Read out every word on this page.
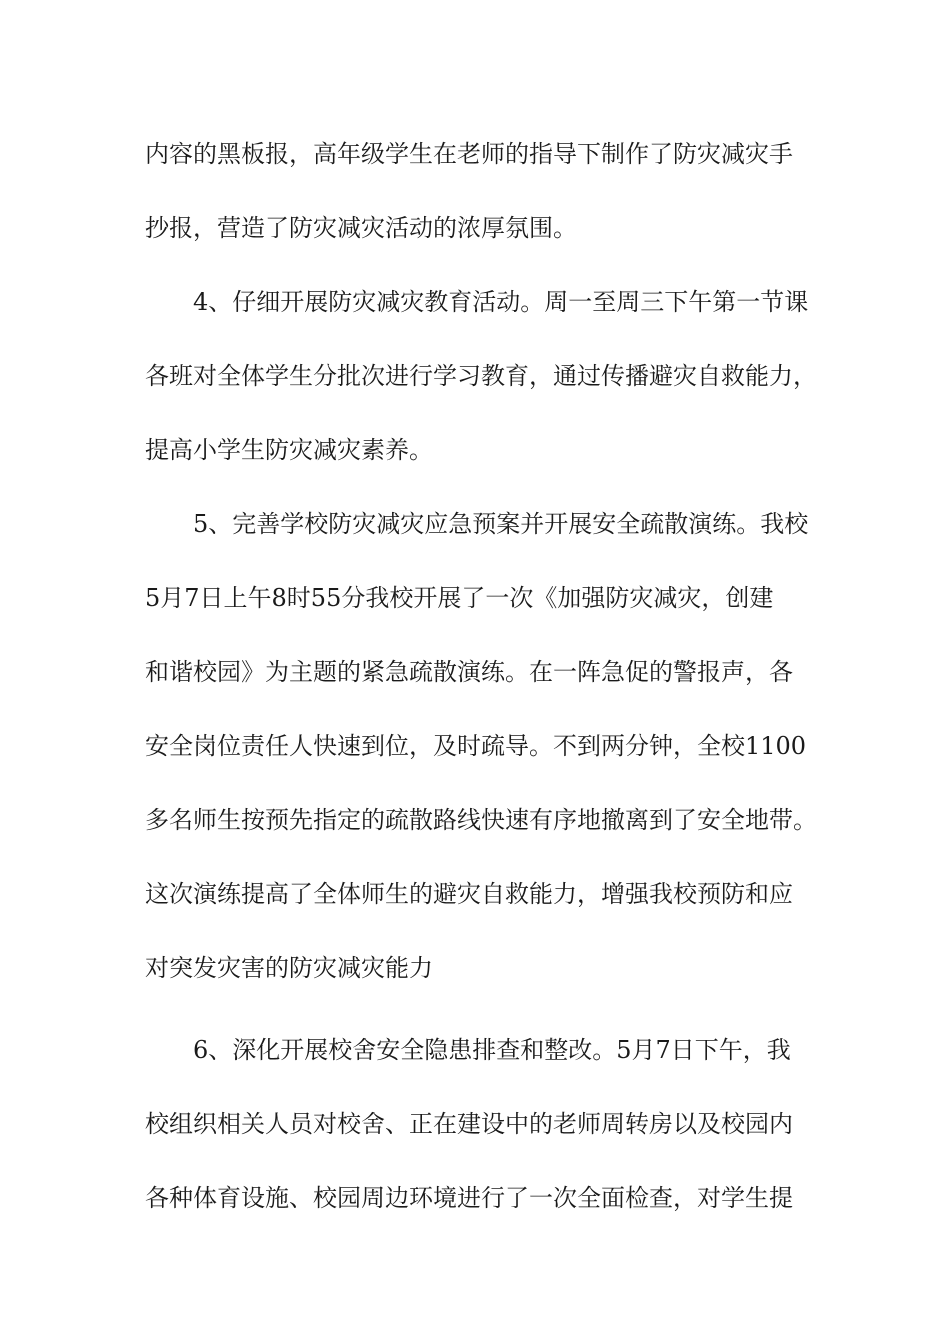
内容的黑板报，高年级学生在老师的指导下制作了防灾减灾手
抄报，营造了防灾减灾活动的浓厚氛围。
4、仔细开展防灾减灾教育活动。周一至周三下午第一节课
各班对全体学生分批次进行学习教育，通过传播避灾自救能力，
提高小学生防灾减灾素养。
5、完善学校防灾减灾应急预案并开展安全疏散演练。我校
5月7日上午8时55分我校开展了一次《加强防灾减灾，创建
和谐校园》为主题的紧急疏散演练。在一阵急促的警报声，各
安全岗位责任人快速到位，及时疏导。不到两分钟，全校1100
多名师生按预先指定的疏散路线快速有序地撤离到了安全地带。
这次演练提高了全体师生的避灾自救能力，增强我校预防和应
对突发灾害的防灾减灾能力
6、深化开展校舍安全隐患排查和整改。5月7日下午，我
校组织相关人员对校舍、正在建设中的老师周转房以及校园内
各种体育设施、校园周边环境进行了一次全面检查，对学生提
